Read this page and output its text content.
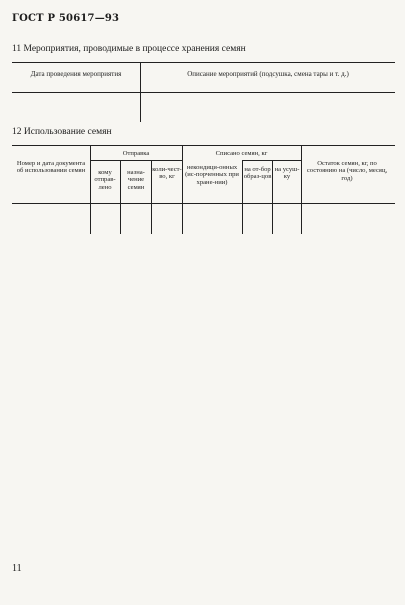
ГОСТ Р 50617—93
11 Мероприятия, проводимые в процессе хранения семян
Дата проведения мероприятия	Описание мероприятий (подсушка, смена тары и т. д.)
12 Использование семян
Номер и дата документа об использовании семян
Отправка	Списано семян, кг
Остаток семян, кг, по состоянию на (число, месяц, год)
кому отправ-лено
назна-чение семян
коли-чест-во, кг
некондици-онных (ис-порченных при хране-нии)
на от-бор образ-цов
на усуш-ку
11
